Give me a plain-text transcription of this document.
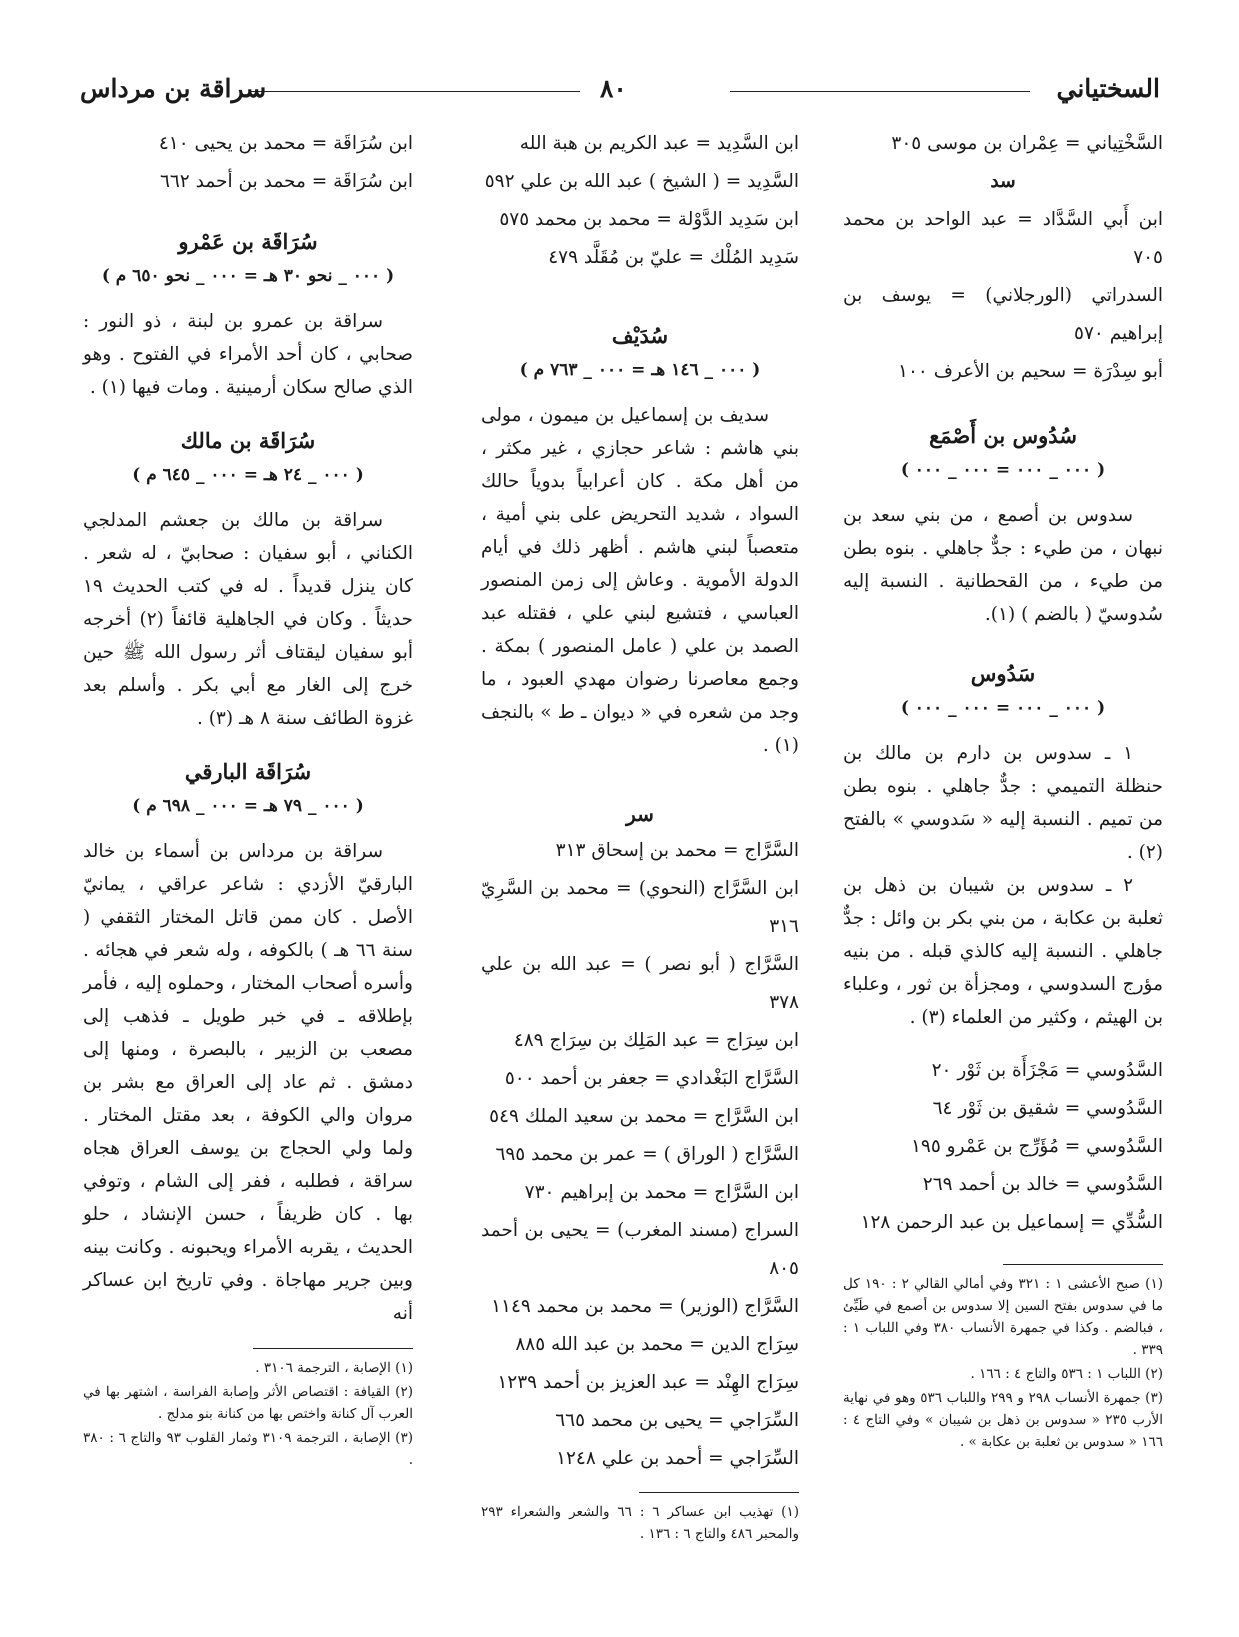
السختياني
٨٠
سراقة بن مرداس
السَّخْتِياني = عِمْران بن موسى ٣٠٥
سد
ابن أَبي السَّدَّاد = عبد الواحد بن محمد ٧٠٥
السدراتي (الورجلاني) = يوسف بن إبراهيم ٥٧٠
أبو سِدْرَة = سحيم بن الأعرف ١٠٠
سُدُوس بن أَصْمَع
( ٠٠٠ _ ٠٠٠ = ٠٠٠ _ ٠٠٠ )
سدوس بن أصمع ، من بني سعد بن نبهان ، من طيء : جدٌّ جاهلي . بنوه بطن من طيء ، من القحطانية . النسبة إليه سُدوسيّ ( بالضم ) (١).
سَدُوس
( ٠٠٠ _ ٠٠٠ = ٠٠٠ _ ٠٠٠ )
١ ـ سدوس بن دارم بن مالك بن حنظلة التميمي : جدٌّ جاهلي . بنوه بطن من تميم . النسبة إليه « سَدوسي » بالفتح (٢) .
٢ ـ سدوس بن شيبان بن ذهل بن ثعلبة بن عكابة ، من بني بكر بن وائل : جدٌّ جاهلي . النسبة إليه كالذي قبله . من بنيه مؤرج السدوسي ، ومجزأة بن ثور ، وعلباء بن الهيثم ، وكثير من العلماء (٣) .
السَّدُوسي = مَجْزَأَة بن ثَوْر ٢٠
السَّدُوسي = شقيق بن ثَوْر ٦٤
السَّدُوسي = مُؤَرِّج بن عَمْرو ١٩٥
السَّدُوسي = خالد بن أحمد ٢٦٩
السُّدِّي = إسماعيل بن عبد الرحمن ١٢٨

(١) صبح الأعشى ١ : ٣٢١ وفي أمالي القالي ٢ : ١٩٠ كل ما في سدوس بفتح السين إلا سدوس بن أصمع في طَيِّئ ، فبالضم . وكذا في جمهرة الأنساب ٣٨٠ وفي اللباب ١ : ٣٣٩ .

(٢) اللباب ١ : ٥٣٦ والتاج ٤ : ١٦٦ .

(٣) جمهرة الأنساب ٢٩٨ و ٢٩٩ واللباب ٥٣٦ وهو في نهاية الأرب ٢٣٥ « سدوس بن ذهل بن شيبان » وفي التاج ٤ : ١٦٦ « سدوس بن ثعلبة بن عكابة » .

ابن السَّدِيد = عبد الكريم بن هبة الله
السَّدِيد = ( الشيخ ) عبد الله بن علي ٥٩٢
ابن سَدِيد الدَّوْلة = محمد بن محمد ٥٧٥
سَدِيد المُلْك = عليّ بن مُقَلَّد ٤٧٩
سُدَيْف
( ٠٠٠ _ ١٤٦ هـ = ٠٠٠ _ ٧٦٣ م )
سديف بن إسماعيل بن ميمون ، مولى بني هاشم : شاعر حجازي ، غير مكثر ، من أهل مكة . كان أعرابياً بدوياً حالك السواد ، شديد التحريض على بني أمية ، متعصباً لبني هاشم . أظهر ذلك في أيام الدولة الأموية . وعاش إلى زمن المنصور العباسي ، فتشيع لبني علي ، فقتله عبد الصمد بن علي ( عامل المنصور ) بمكة . وجمع معاصرنا رضوان مهدي العبود ، ما وجد من شعره في « ديوان ـ ط » بالنجف (١) .
سر
السَّرَّاج = محمد بن إسحاق ٣١٣
ابن السَّرَّاج (النحوي) = محمد بن السَّرِيّ ٣١٦
السَّرَّاج ( أبو نصر ) = عبد الله بن علي ٣٧٨
ابن سِرَاج = عبد المَلِك بن سِرَاج ٤٨٩
السَّرَّاج البَغْدادي = جعفر بن أحمد ٥٠٠
ابن السَّرَّاج = محمد بن سعيد الملك ٥٤٩
السَّرَّاج ( الوراق ) = عمر بن محمد ٦٩٥
ابن السَّرَّاج = محمد بن إبراهيم ٧٣٠
السراج (مسند المغرب) = يحيى بن أحمد ٨٠٥
السَّرَّاج (الوزير) = محمد بن محمد ١١٤٩
سِرَاج الدين = محمد بن عبد الله ٨٨٥
سِرَاج الهِنْد = عبد العزيز بن أحمد ١٢٣٩
السِّرَاجي = يحيى بن محمد ٦٦٥
السِّرَاجي = أحمد بن علي ١٢٤٨

(١) تهذيب ابن عساكر ٦ : ٦٦ والشعر والشعراء ٢٩٣ والمحبر ٤٨٦ والتاج ٦ : ١٣٦ .

ابن سُرَاقَة = محمد بن يحيى ٤١٠
ابن سُرَاقَة = محمد بن أحمد ٦٦٢
سُرَاقَة بن عَمْرو
( ٠٠٠ _ نحو ٣٠ هـ = ٠٠٠ _ نحو ٦٥٠ م )
سراقة بن عمرو بن لبنة ، ذو النور : صحابي ، كان أحد الأمراء في الفتوح . وهو الذي صالح سكان أرمينية . ومات فيها (١) .
سُرَاقَة بن مالك
( ٠٠٠ _ ٢٤ هـ = ٠٠٠ _ ٦٤٥ م )
سراقة بن مالك بن جعشم المدلجي الكناني ، أبو سفيان : صحابيّ ، له شعر . كان ينزل قديداً . له في كتب الحديث ١٩ حديثاً . وكان في الجاهلية قائفاً (٢) أخرجه أبو سفيان ليقتاف أثر رسول الله ﷺ حين خرج إلى الغار مع أبي بكر . وأسلم بعد غزوة الطائف سنة ٨ هـ (٣) .
سُرَاقَة البارقي
( ٠٠٠ _ ٧٩ هـ = ٠٠٠ _ ٦٩٨ م )
سراقة بن مرداس بن أسماء بن خالد البارقيّ الأزدي : شاعر عراقي ، يمانيّ الأصل . كان ممن قاتل المختار الثقفي ( سنة ٦٦ هـ ) بالكوفه ، وله شعر في هجائه . وأسره أصحاب المختار ، وحملوه إليه ، فأمر بإطلاقه ـ في خبر طويل ـ فذهب إلى مصعب بن الزبير ، بالبصرة ، ومنها إلى دمشق . ثم عاد إلى العراق مع بشر بن مروان والي الكوفة ، بعد مقتل المختار . ولما ولي الحجاج بن يوسف العراق هجاه سراقة ، فطلبه ، ففر إلى الشام ، وتوفي بها . كان ظريفاً ، حسن الإنشاد ، حلو الحديث ، يقربه الأمراء ويحبونه . وكانت بينه وبين جرير مهاجاة . وفي تاريخ ابن عساكر أنه

(١) الإصابة ، الترجمة ٣١٠٦ .

(٢) القيافة : اقتصاص الأثر وإصابة الفراسة ، اشتهر بها في العرب آل كنانة واختص بها من كنانة بنو مدلج .

(٣) الإصابة ، الترجمة ٣١٠٩ وثمار القلوب ٩٣ والتاج ٦ : ٣٨٠ .
